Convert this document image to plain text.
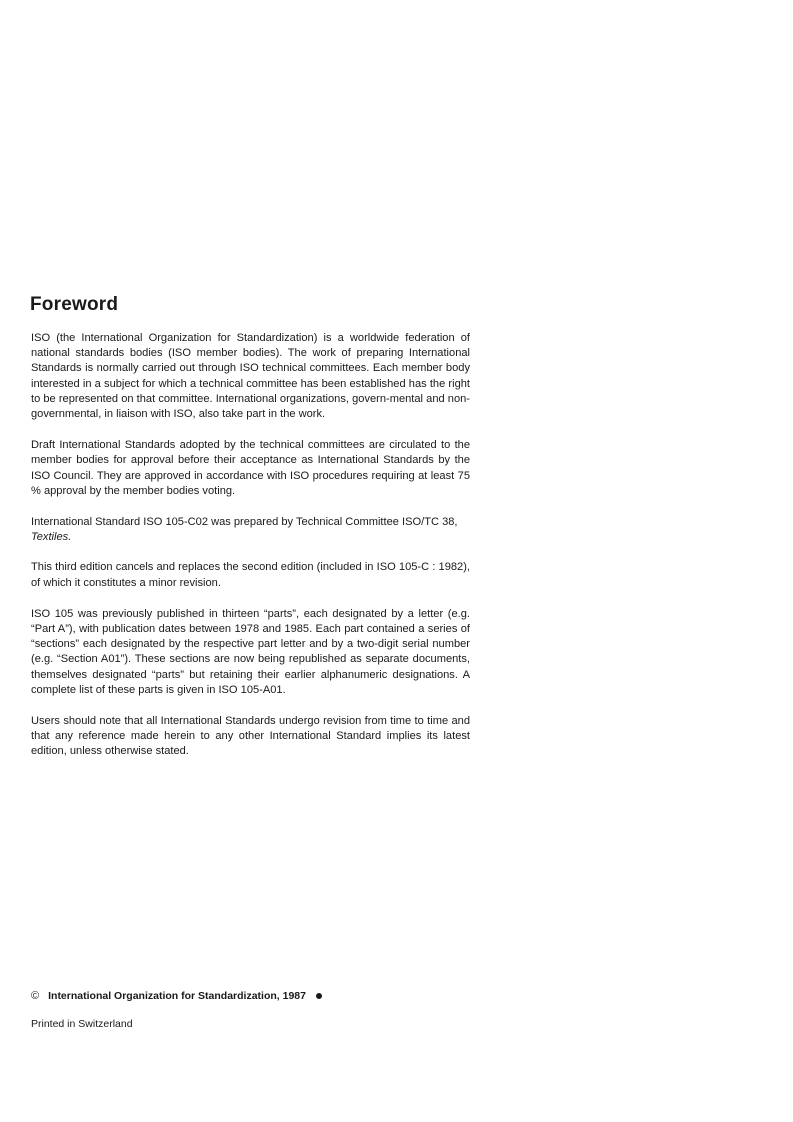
Foreword

ISO (the International Organization for Standardization) is a worldwide federation of national standards bodies (ISO member bodies). The work of preparing International Standards is normally carried out through ISO technical committees. Each member body interested in a subject for which a technical committee has been established has the right to be represented on that committee. International organizations, govern-mental and non-governmental, in liaison with ISO, also take part in the work.

Draft International Standards adopted by the technical committees are circulated to the member bodies for approval before their acceptance as International Standards by the ISO Council. They are approved in accordance with ISO procedures requiring at least 75 % approval by the member bodies voting.

International Standard ISO 105-C02 was prepared by Technical Committee ISO/TC 38,
Textiles.

This third edition cancels and replaces the second edition (included in ISO 105-C : 1982), of which it constitutes a minor revision.

ISO 105 was previously published in thirteen “parts”, each designated by a letter (e.g. “Part A”), with publication dates between 1978 and 1985. Each part contained a series of “sections” each designated by the respective part letter and by a two-digit serial number (e.g. “Section A01”). These sections are now being republished as separate documents, themselves designated “parts” but retaining their earlier alphanumeric designations. A complete list of these parts is given in ISO 105-A01.

Users should note that all International Standards undergo revision from time to time and that any reference made herein to any other International Standard implies its latest edition, unless otherwise stated.

© International Organization for Standardization, 1987
Printed in Switzerland
